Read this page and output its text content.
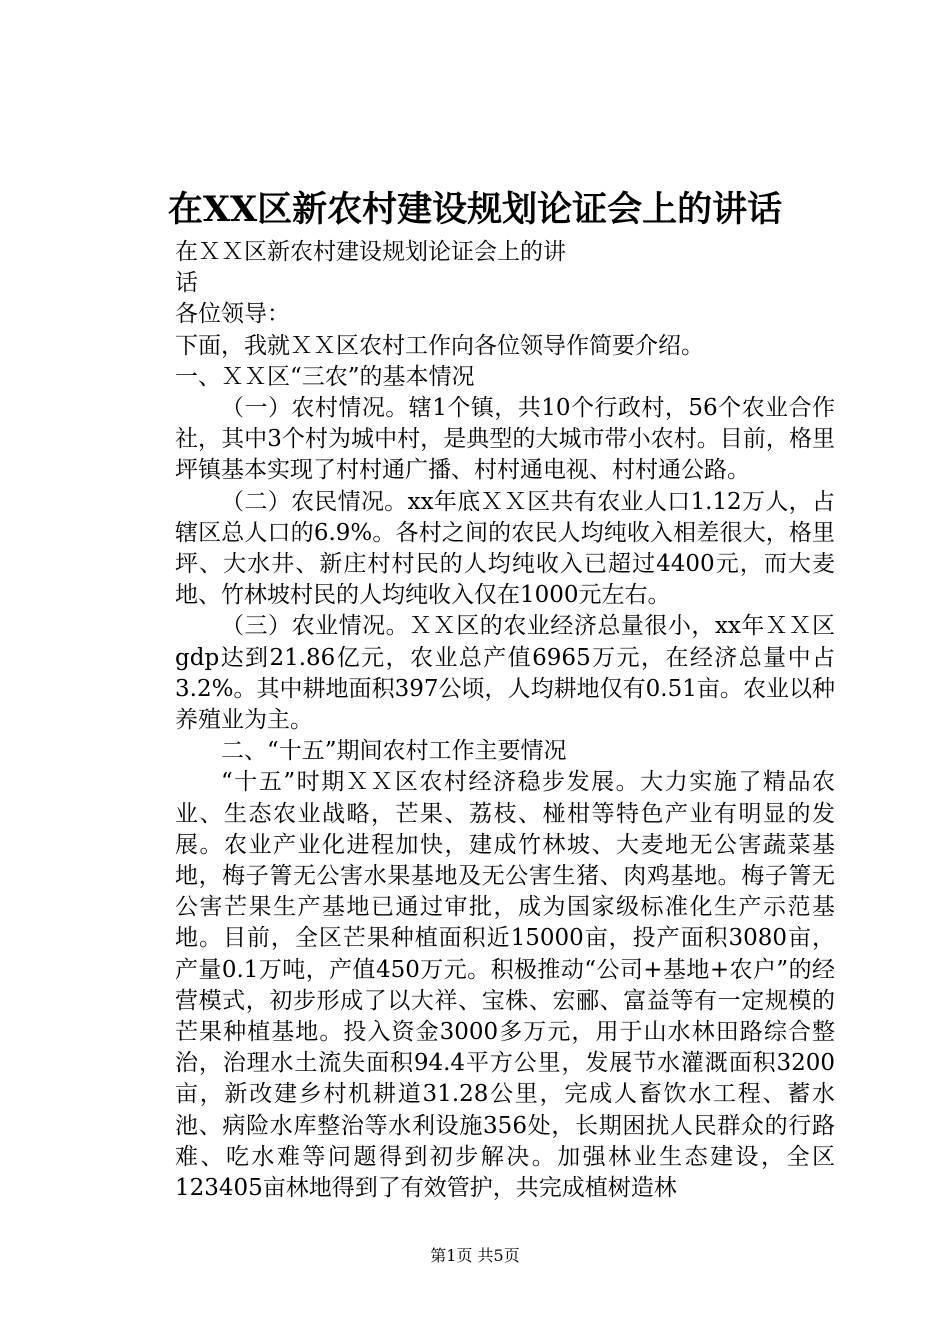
在XX区新农村建设规划论证会上的讲话
在ＸＸ区新农村建设规划论证会上的讲
话

各位领导：

下面，我就ＸＸ区农村工作向各位领导作简要介绍。

一、ＸＸ区“三农”的基本情况

（一）农村情况。辖1个镇，共10个行政村，56个农业合作社，其中3个村为城中村，是典型的大城市带小农村。目前，格里坪镇基本实现了村村通广播、村村通电视、村村通公路。

（二）农民情况。xx年底ＸＸ区共有农业人口1.12万人，占辖区总人口的6.9%。各村之间的农民人均纯收入相差很大，格里坪、大水井、新庄村村民的人均纯收入已超过4400元，而大麦地、竹林坡村民的人均纯收入仅在1000元左右。

（三）农业情况。ＸＸ区的农业经济总量很小，xx年ＸＸ区gdp达到21.86亿元，农业总产值6965万元，在经济总量中占3.2%。其中耕地面积397公顷，人均耕地仅有0.51亩。农业以种养殖业为主。

二、“十五”期间农村工作主要情况

“十五”时期ＸＸ区农村经济稳步发展。大力实施了精品农业、生态农业战略，芒果、荔枝、椪柑等特色产业有明显的发展。农业产业化进程加快，建成竹林坡、大麦地无公害蔬菜基地，梅子箐无公害水果基地及无公害生猪、肉鸡基地。梅子箐无公害芒果生产基地已通过审批，成为国家级标准化生产示范基地。目前，全区芒果种植面积近15000亩，投产面积3080亩，产量0.1万吨，产值450万元。积极推动“公司+基地+农户”的经营模式，初步形成了以大祥、宝株、宏郦、富益等有一定规模的芒果种植基地。投入资金3000多万元，用于山水林田路综合整治，治理水土流失面积94.4平方公里，发展节水灌溉面积3200亩，新改建乡村机耕道31.28公里，完成人畜饮水工程、蓄水池、病险水库整治等水利设施356处，长期困扰人民群众的行路难、吃水难等问题得到初步解决。加强林业生态建设，全区123405亩林地得到了有效管护，共完成植树造林

第1页 共5页
